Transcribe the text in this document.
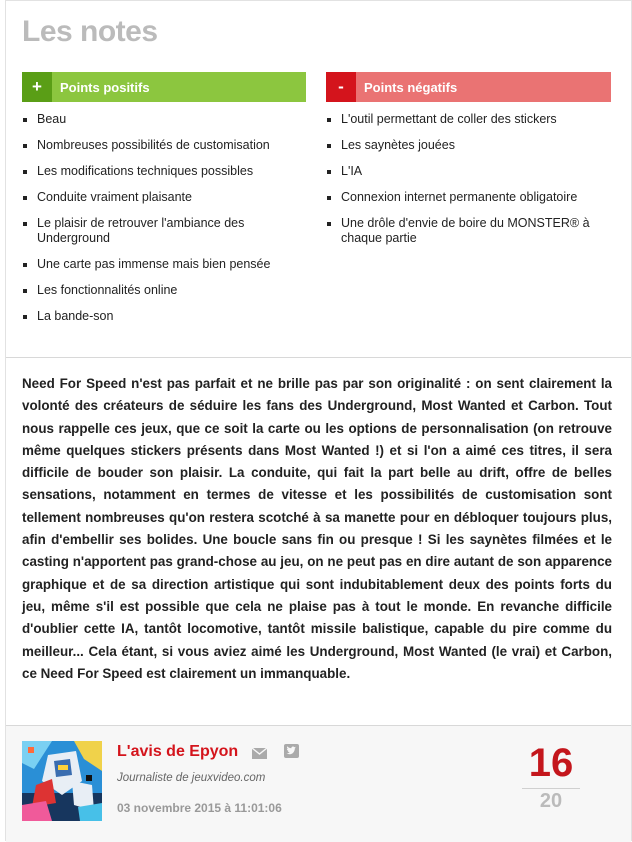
Les notes
+	Points positifs
Beau
Nombreuses possibilités de customisation
Les modifications techniques possibles
Conduite vraiment plaisante
Le plaisir de retrouver l'ambiance des Underground
Une carte pas immense mais bien pensée
Les fonctionnalités online
La bande-son
-	Points négatifs
L'outil permettant de coller des stickers
Les saynètes jouées
L'IA
Connexion internet permanente obligatoire
Une drôle d'envie de boire du MONSTER® à chaque partie

Need For Speed n'est pas parfait et ne brille pas par son originalité : on sent clairement la volonté des créateurs de séduire les fans des Underground, Most Wanted et Carbon. Tout nous rappelle ces jeux, que ce soit la carte ou les options de personnalisation (on retrouve même quelques stickers présents dans Most Wanted !) et si l'on a aimé ces titres, il sera difficile de bouder son plaisir. La conduite, qui fait la part belle au drift, offre de belles sensations, notamment en termes de vitesse et les possibilités de customisation sont tellement nombreuses qu'on restera scotché à sa manette pour en débloquer toujours plus, afin d'embellir ses bolides. Une boucle sans fin ou presque ! Si les saynètes filmées et le casting n'apportent pas grand-chose au jeu, on ne peut pas en dire autant de son apparence graphique et de sa direction artistique qui sont indubitablement deux des points forts du jeu, même s'il est possible que cela ne plaise pas à tout le monde. En revanche difficile d'oublier cette IA, tantôt locomotive, tantôt missile balistique, capable du pire comme du meilleur... Cela étant, si vous aviez aimé les Underground, Most Wanted (le vrai) et Carbon, ce Need For Speed est clairement un immanquable.

L'avis de Epyon
Journaliste de jeuxvideo.com
03 novembre 2015 à 11:01:06
16
20
